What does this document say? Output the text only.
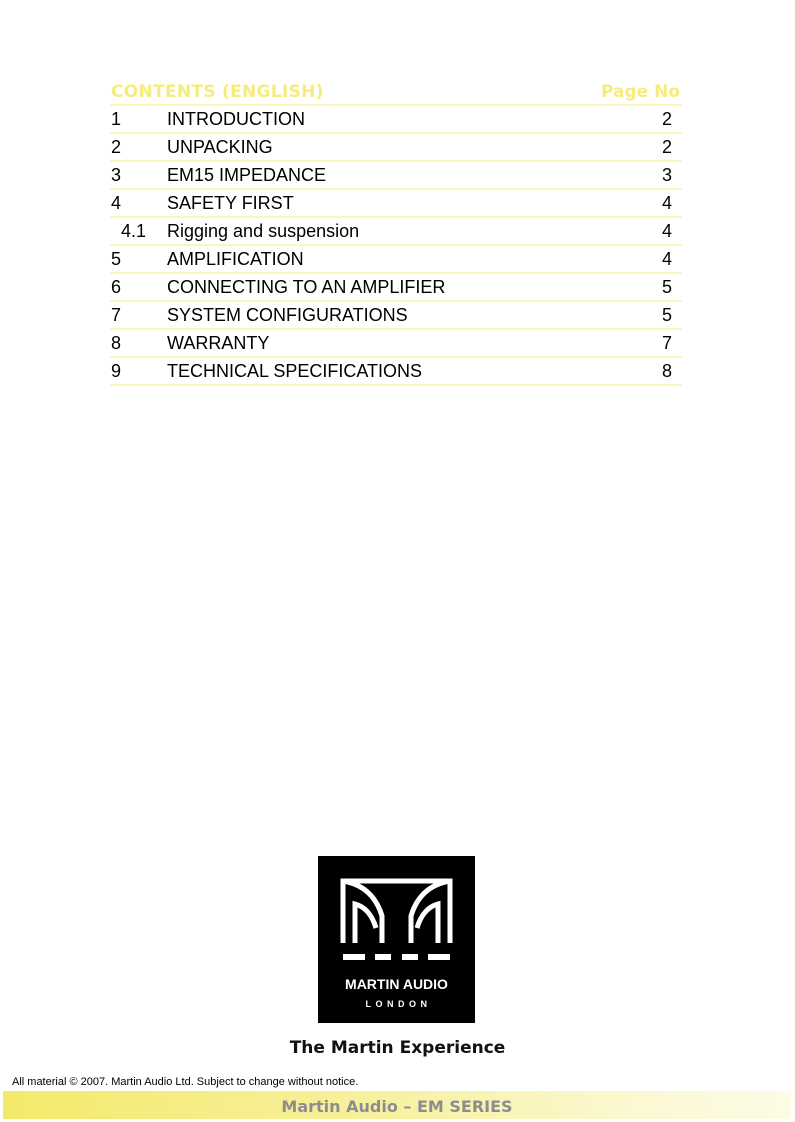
CONTENTS (ENGLISH)	Page No
1	INTRODUCTION	2
2	UNPACKING	2
3	EM15 IMPEDANCE	3
4	SAFETY FIRST	4
4.1 Rigging and suspension	4
5	AMPLIFICATION	4
6	CONNECTING TO AN AMPLIFIER	5
7	SYSTEM CONFIGURATIONS	5
8	WARRANTY	7
9	TECHNICAL SPECIFICATIONS	8
MARTIN AUDIO
LONDON
The Martin Experience
All material © 2007. Martin Audio Ltd. Subject to change without notice.
Martin Audio – EM SERIES
